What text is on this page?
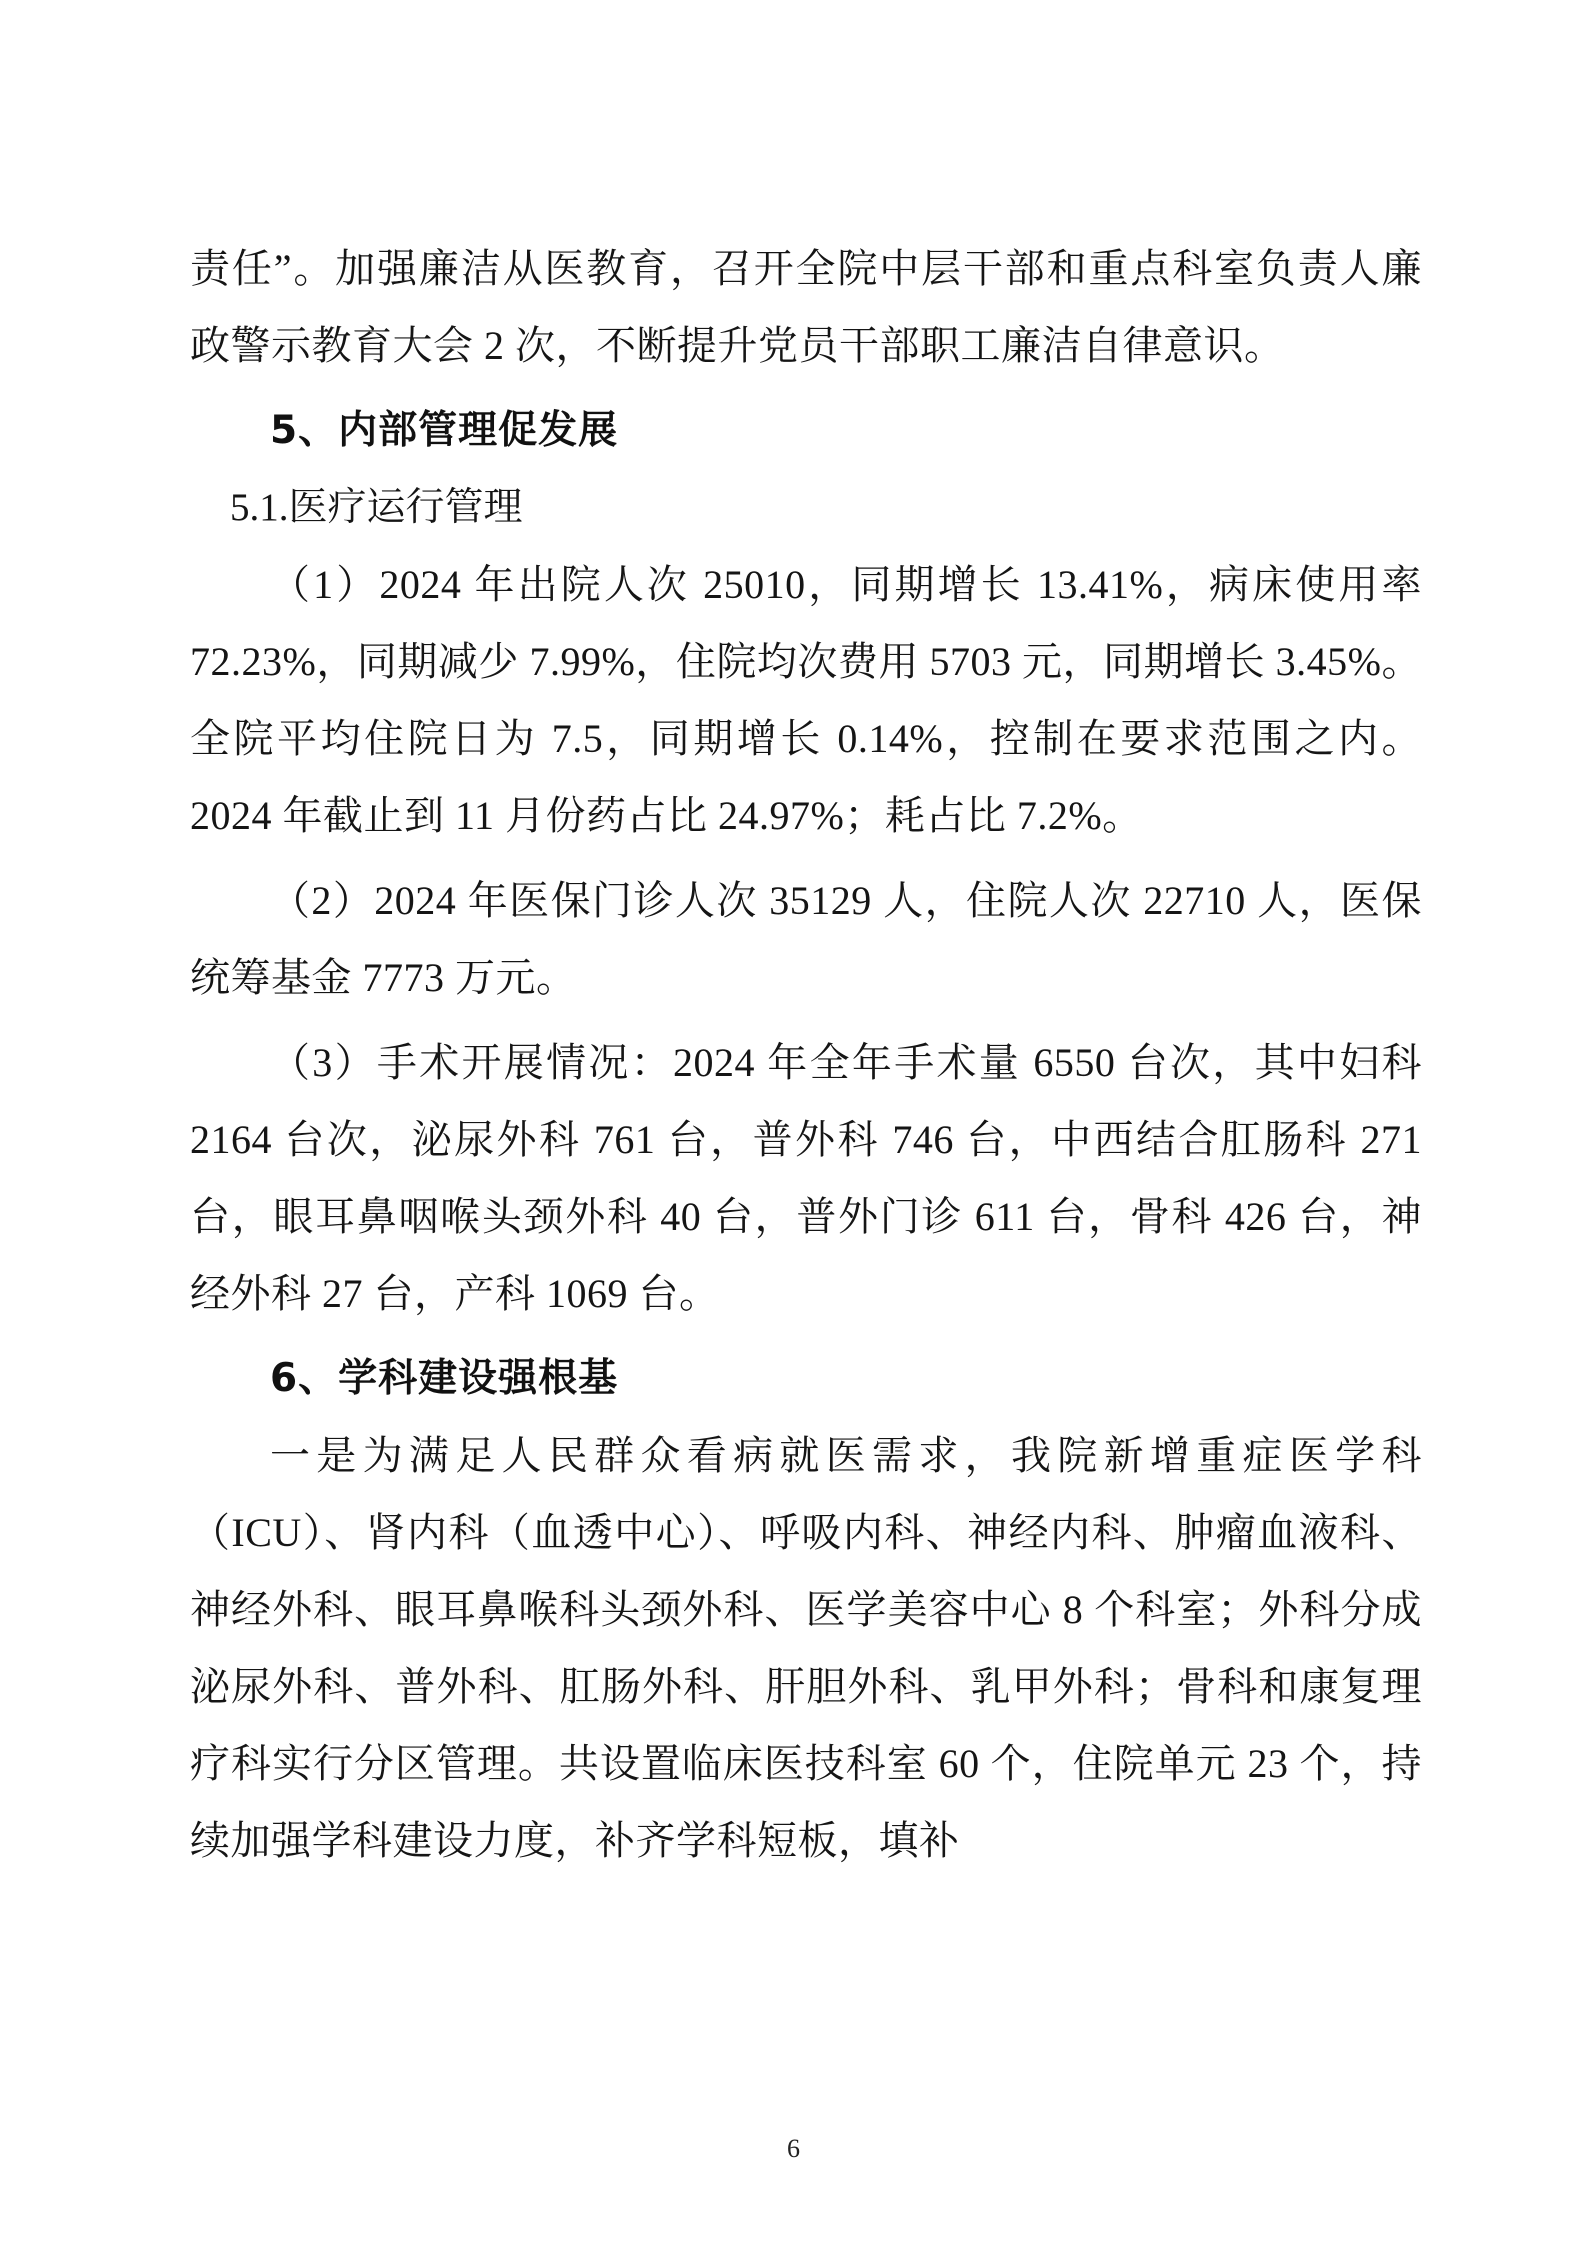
责任”。加强廉洁从医教育，召开全院中层干部和重点科室负责人廉政警示教育大会 2 次，不断提升党员干部职工廉洁自律意识。

5、内部管理促发展

5.1.医疗运行管理

（1）2024 年出院人次 25010，同期增长 13.41%，病床使用率 72.23%，同期减少 7.99%，住院均次费用 5703 元，同期增长 3.45%。全院平均住院日为 7.5，同期增长 0.14%，控制在要求范围之内。2024 年截止到 11 月份药占比 24.97%；耗占比 7.2%。

（2）2024 年医保门诊人次 35129 人，住院人次 22710 人，医保统筹基金 7773 万元。

（3）手术开展情况：2024 年全年手术量 6550 台次，其中妇科 2164 台次，泌尿外科 761 台，普外科 746 台，中西结合肛肠科 271 台，眼耳鼻咽喉头颈外科 40 台，普外门诊 611 台，骨科 426 台，神经外科 27 台，产科 1069 台。

6、学科建设强根基

一是为满足人民群众看病就医需求，我院新增重症医学科（ICU）、肾内科（血透中心）、呼吸内科、神经内科、肿瘤血液科、神经外科、眼耳鼻喉科头颈外科、医学美容中心 8 个科室；外科分成泌尿外科、普外科、肛肠外科、肝胆外科、乳甲外科；骨科和康复理疗科实行分区管理。共设置临床医技科室 60 个，住院单元 23 个，持续加强学科建设力度，补齐学科短板，填补

6
